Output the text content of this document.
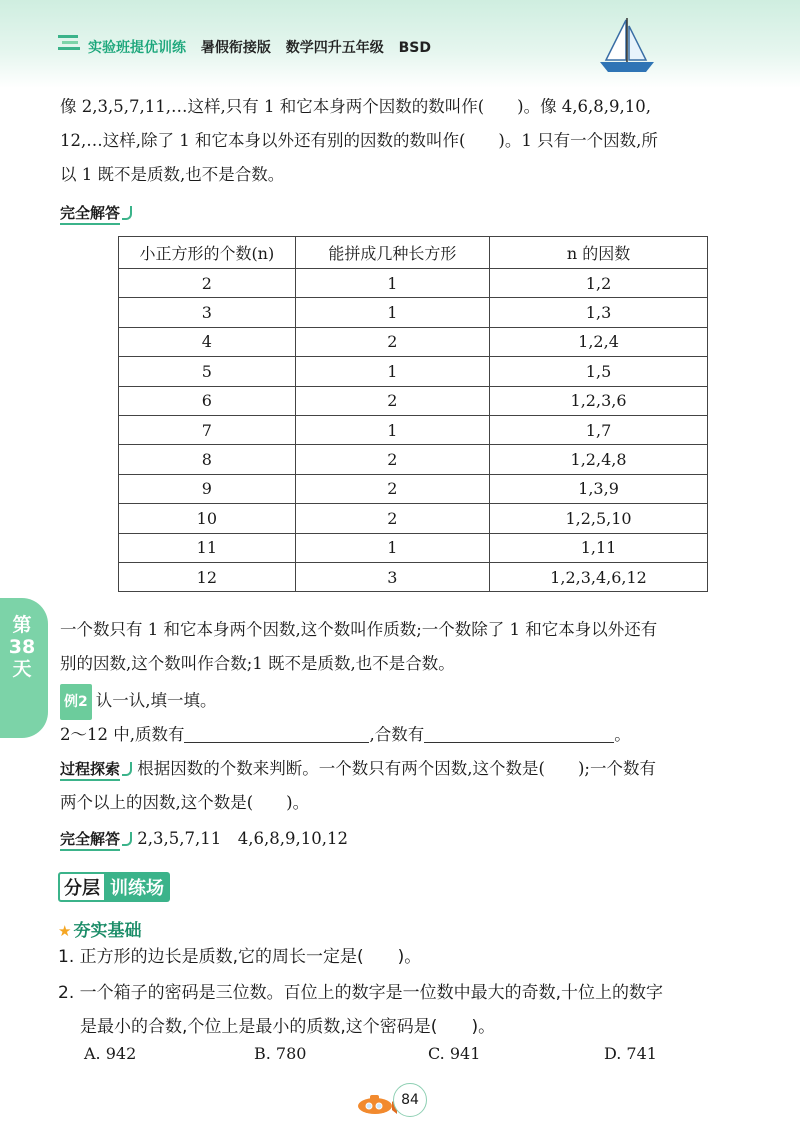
实验班提优训练 暑假衔接版 数学四升五年级 BSD
像 2,3,5,7,11,…这样,只有 1 和它本身两个因数的数叫作(　　)。像 4,6,8,9,10,
12,…这样,除了 1 和它本身以外还有别的因数的数叫作(　　)。1 只有一个因数,所
以 1 既不是质数,也不是合数。
完全解答
小正方形的个数(n)	能拼成几种长方形	n 的因数
2	1	1,2
3	1	1,3
4	2	1,2,4
5	1	1,5
6	2	1,2,3,6
7	1	1,7
8	2	1,2,4,8
9	2	1,3,9
10	2	1,2,5,10
11	1	1,11
12	3	1,2,3,4,6,12
第
38
天
一个数只有 1 和它本身两个因数,这个数叫作质数;一个数除了 1 和它本身以外还有
别的因数,这个数叫作合数;1 既不是质数,也不是合数。
例2 认一认,填一填。
2～12 中,质数有	,合数有	。
过程探索 根据因数的个数来判断。一个数只有两个因数,这个数是(　　);一个数有
两个以上的因数,这个数是(　　)。
完全解答 2,3,5,7,11　4,6,8,9,10,12
分层 训练场
★ 夯实基础
1. 正方形的边长是质数,它的周长一定是(　　)。
2. 一个箱子的密码是三位数。百位上的数字是一位数中最大的奇数,十位上的数字
是最小的合数,个位上是最小的质数,这个密码是(　　)。
A. 942	B. 780	C. 941	D. 741
84
